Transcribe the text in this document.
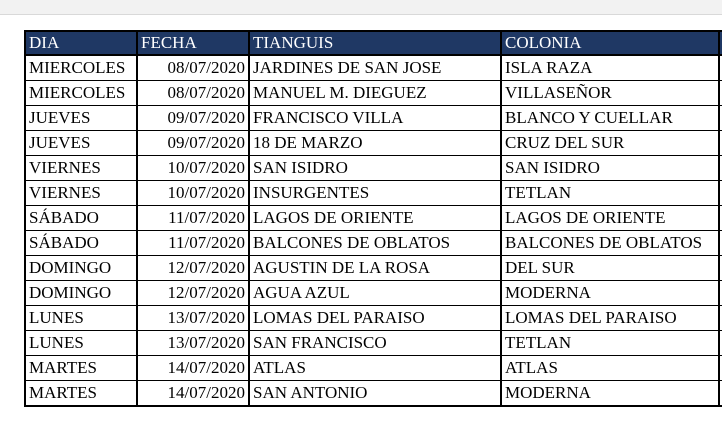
DIA	FECHA	TIANGUIS	COLONIA	
MIERCOLES	08/07/2020	JARDINES DE SAN JOSE	ISLA RAZA	
MIERCOLES	08/07/2020	MANUEL M. DIEGUEZ	VILLASEÑOR	
JUEVES	09/07/2020	FRANCISCO VILLA	BLANCO Y CUELLAR	
JUEVES	09/07/2020	18 DE MARZO	CRUZ DEL SUR	
VIERNES	10/07/2020	SAN ISIDRO	SAN ISIDRO	
VIERNES	10/07/2020	INSURGENTES	TETLAN	
SÁBADO	11/07/2020	LAGOS DE ORIENTE	LAGOS DE ORIENTE	
SÁBADO	11/07/2020	BALCONES DE OBLATOS	BALCONES DE OBLATOS	
DOMINGO	12/07/2020	AGUSTIN DE LA ROSA	DEL SUR	
DOMINGO	12/07/2020	AGUA AZUL	MODERNA	
LUNES	13/07/2020	LOMAS DEL PARAISO	LOMAS DEL PARAISO	
LUNES	13/07/2020	SAN FRANCISCO	TETLAN	
MARTES	14/07/2020	ATLAS	ATLAS	
MARTES	14/07/2020	SAN ANTONIO	MODERNA	
